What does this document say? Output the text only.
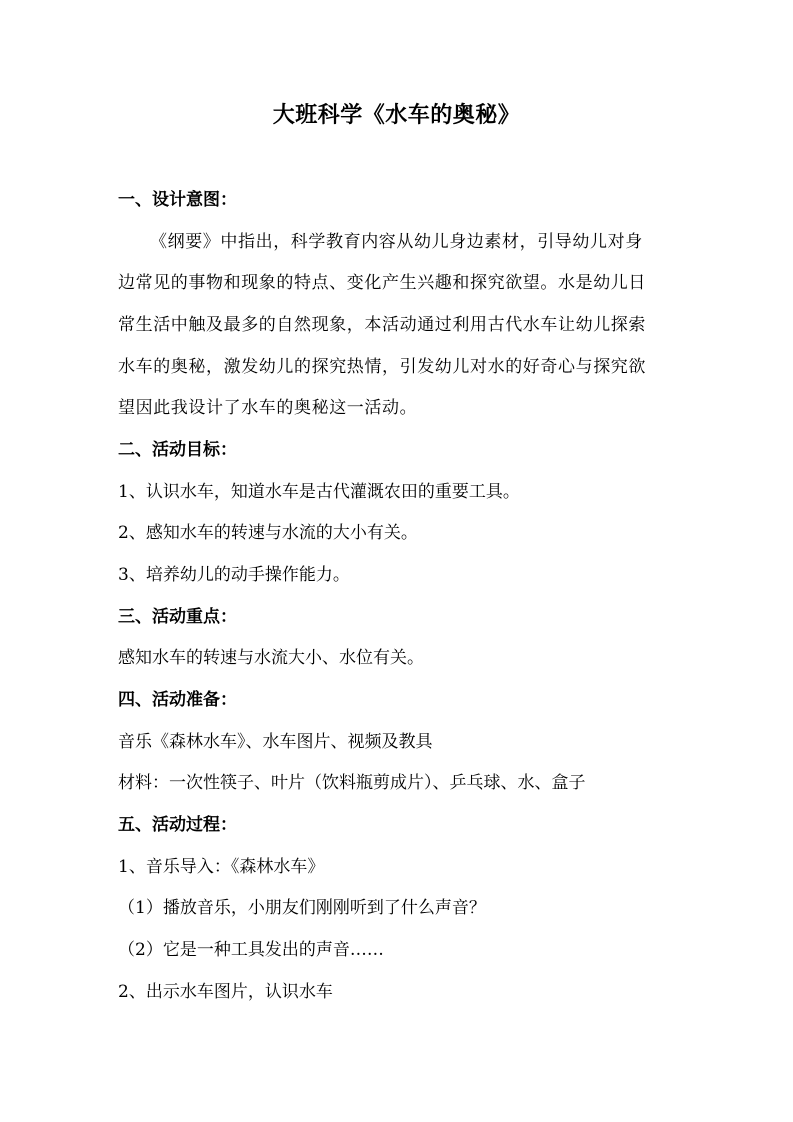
大班科学《水车的奥秘》
一、设计意图：
《纲要》中指出，科学教育内容从幼儿身边素材，引导幼儿对身
边常见的事物和现象的特点、变化产生兴趣和探究欲望。水是幼儿日
常生活中触及最多的自然现象，本活动通过利用古代水车让幼儿探索
水车的奥秘，激发幼儿的探究热情，引发幼儿对水的好奇心与探究欲
望因此我设计了水车的奥秘这一活动。
二、活动目标：
1、认识水车，知道水车是古代灌溉农田的重要工具。
2、感知水车的转速与水流的大小有关。
3、培养幼儿的动手操作能力。
三、活动重点：
感知水车的转速与水流大小、水位有关。
四、活动准备：
音乐《森林水车》、水车图片、视频及教具
材料：一次性筷子、叶片（饮料瓶剪成片）、乒乓球、水、盒子
五、活动过程：
1、音乐导入：《森林水车》
（1）播放音乐，小朋友们刚刚听到了什么声音？
（2）它是一种工具发出的声音……
2、出示水车图片，认识水车
